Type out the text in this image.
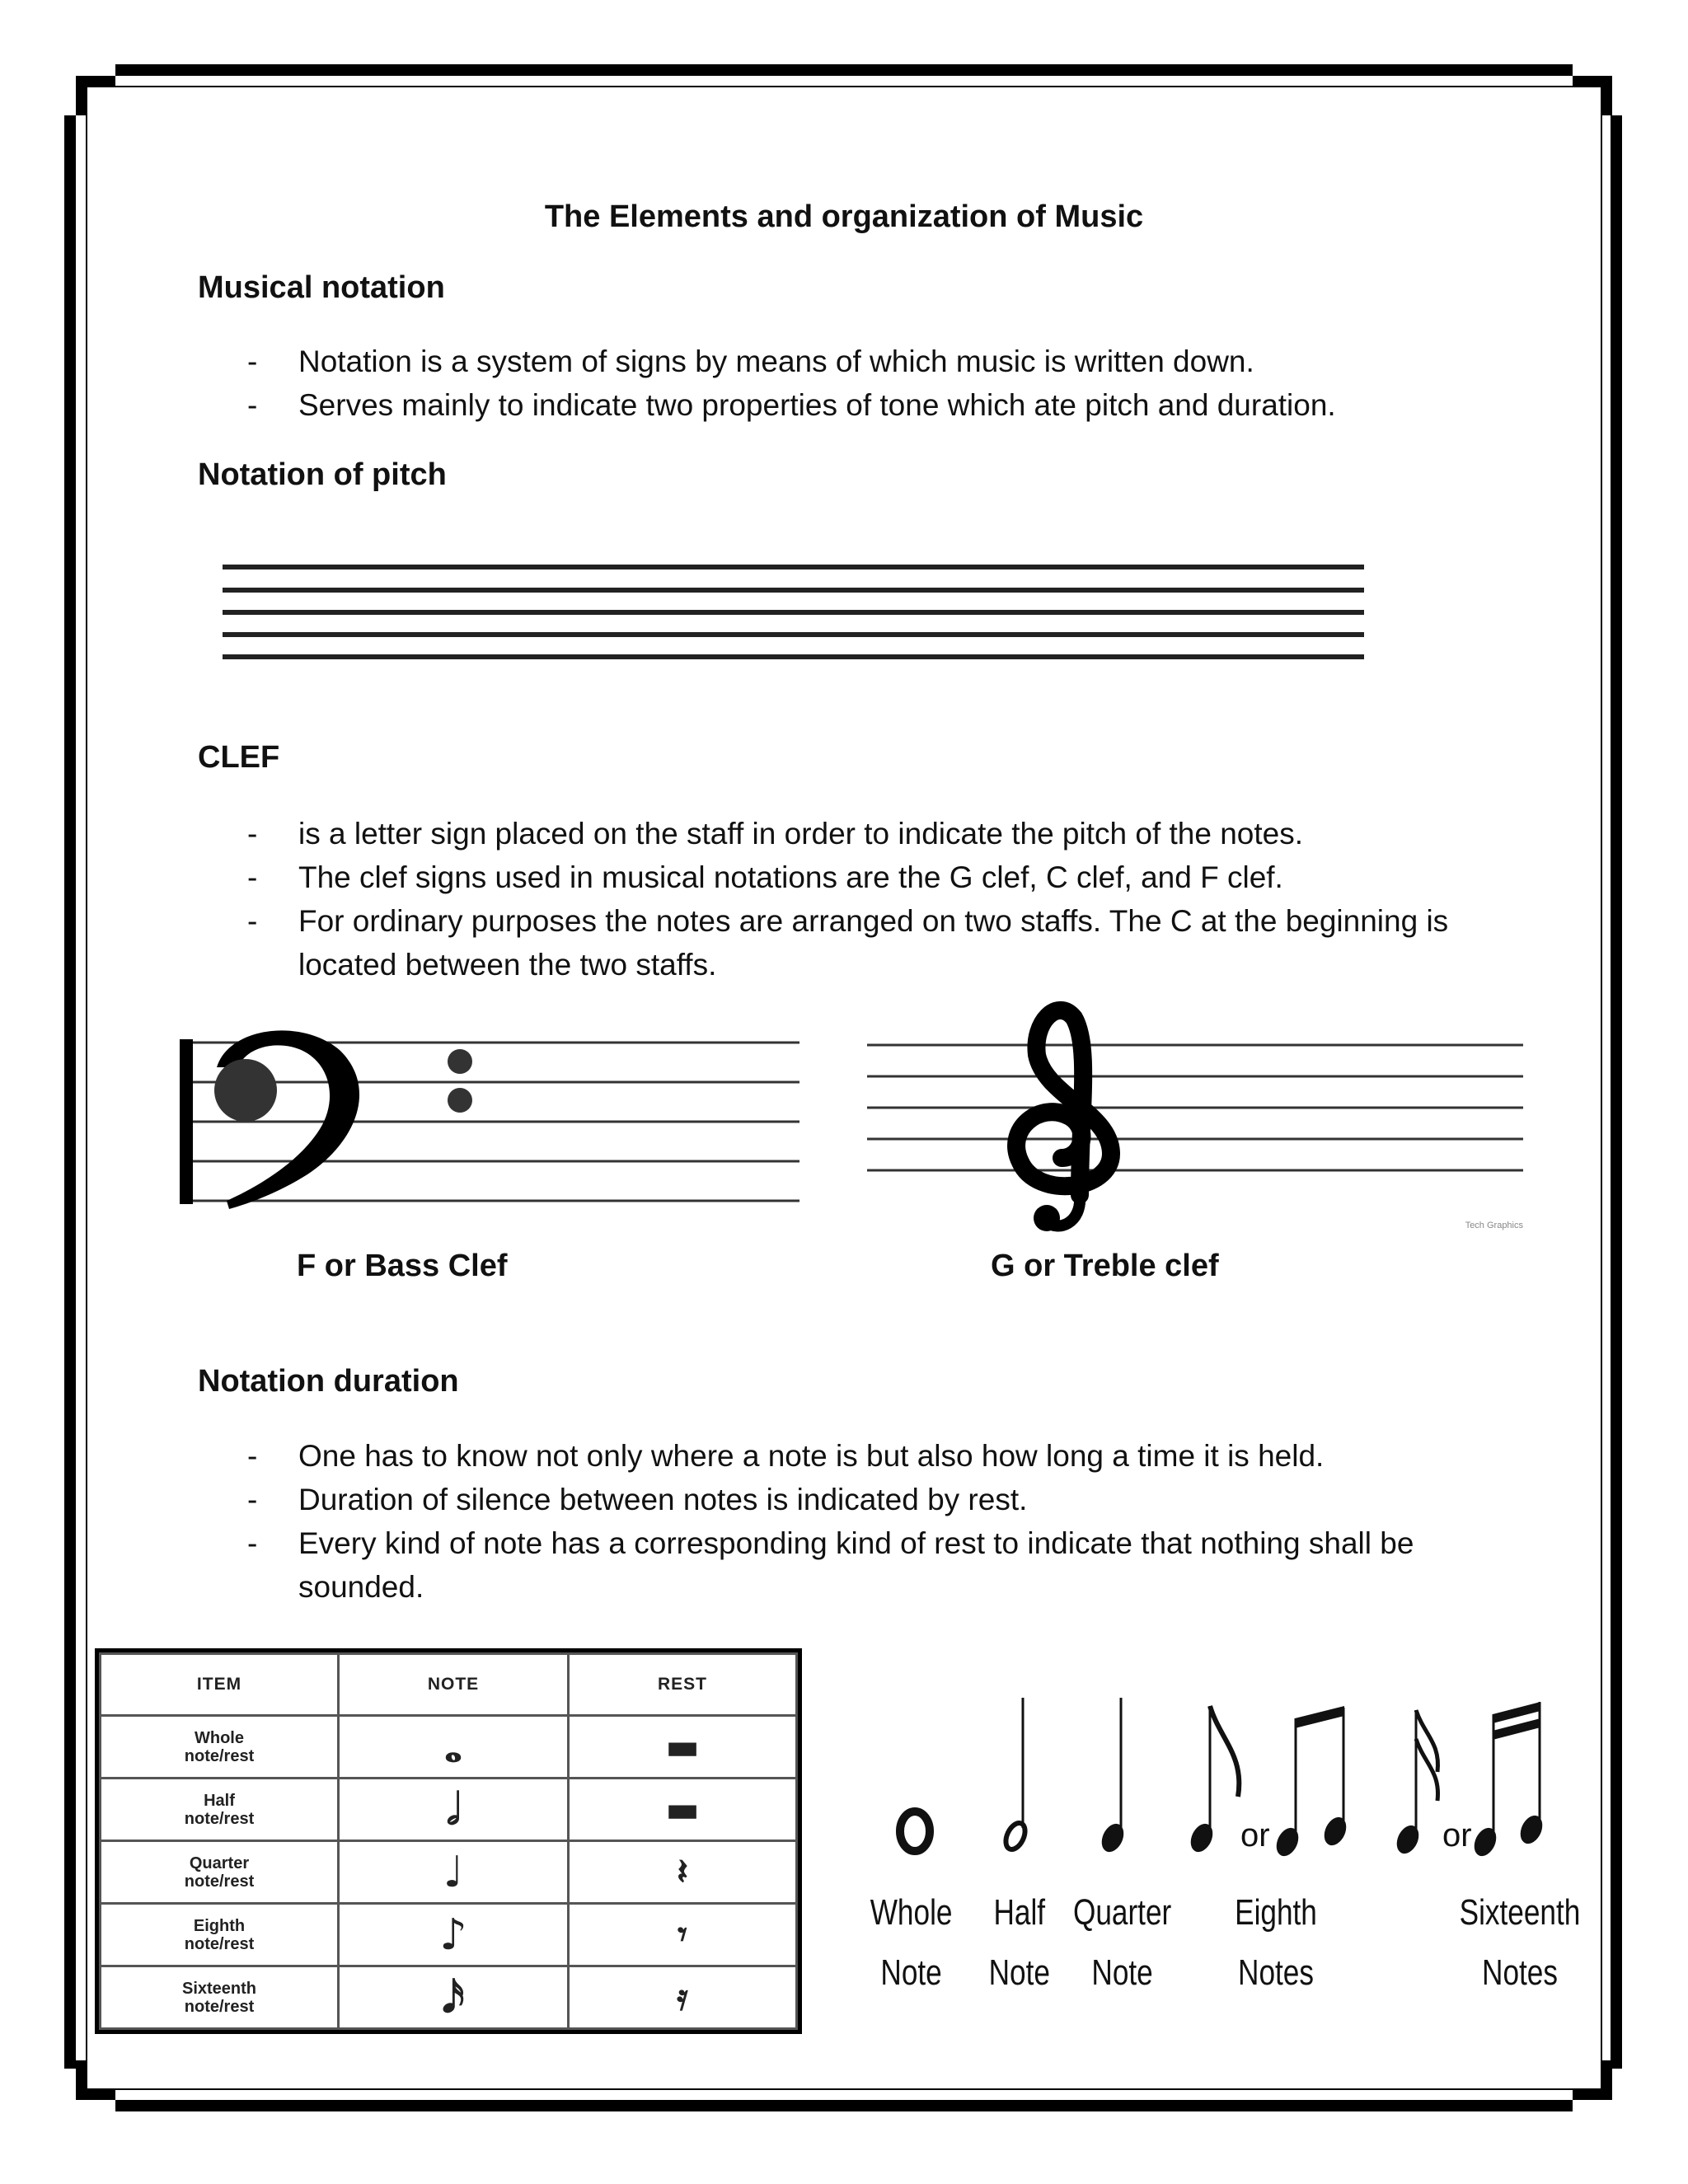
The Elements and organization of Music
Musical notation
- Notation is a system of signs by means of which music is written down.
- Serves mainly to indicate two properties of tone which ate pitch and duration.
Notation of pitch
CLEF
- is a letter sign placed on the staff in order to indicate the pitch of the notes.
- The clef signs used in musical notations are the G clef, C clef, and F clef.
- For ordinary purposes the notes are arranged on two staffs. The C at the beginning is located between the two staffs.
Tech Graphics
F or Bass Clef	G or Treble clef
Notation duration
- One has to know not only where a note is but also how long a time it is held.
- Duration of silence between notes is indicated by rest.
- Every kind of note has a corresponding kind of rest to indicate that nothing shall be sounded.
ITEM	NOTE	REST
Whole
note/rest	𝅝	▬
Half
note/rest	𝅗𝅥	▬
Quarter
note/rest	♩	𝄽
Eighth
note/rest	♪	𝄾
Sixteenth
note/rest	𝅘𝅥𝅯	𝄿
or	or
Whole
Note
Half
Note
Quarter
Note
Eighth
Notes
Sixteenth
Notes
